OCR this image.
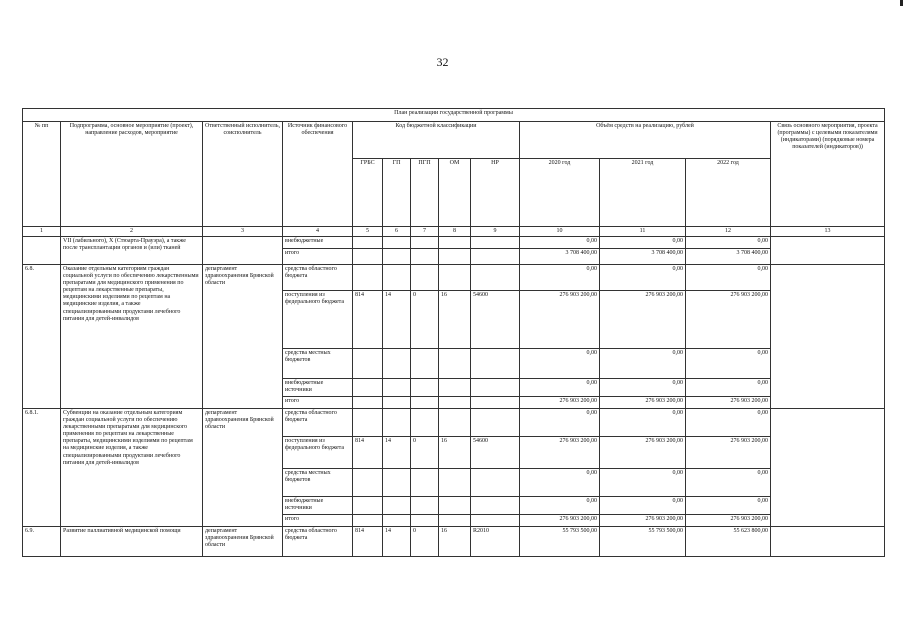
32
План реализации государственной программы												
№ пп	Подпрограмма, основное мероприятие (проект), направление расходов, мероприятие	Ответственный исполнитель, соисполнитель	Источник финансового обеспечения	Код бюджетной классификации					Объём средств на реализацию, рублей			Связь основного мероприятия, проекта (программы) с целевыми показателями (индикаторами) (порядковые номера показателей (индикаторов))
				ГРБС	ГП	ПГП	ОМ	НР	2020 год	2021 год	2022 год	
1	2	3	4	5	6	7	8	9	10	11	12	13
	VII (лабильного), X (Стюарта-Прауэра), а также после трансплантации органов и (или) тканей		внебюджетные						0,00	0,00	0,00	
			итого						3 708 400,00	3 708 400,00	3 708 400,00	
6.8.	Оказание отдельным категориям граждан социальной услуги по обеспечению лекарственными препаратами для медицинского применения по рецептам на лекарственные препараты, медицинскими изделиями по рецептам на медицинские изделия, а также специализированными продуктами лечебного питания для детей-инвалидов	департамент здравоохранения Брянской области	средства областного бюджета						0,00	0,00	0,00	
			поступления из федерального бюджета	814	14	0	16	54600	276 903 200,00	276 903 200,00	276 903 200,00	
			средства местных бюджетов						0,00	0,00	0,00	
			внебюджетные источники						0,00	0,00	0,00	
			итого						276 903 200,00	276 903 200,00	276 903 200,00	
6.8.1.	Субвенции на оказание отдельным категориям граждан социальной услуги по обеспечению лекарственными препаратами для медицинского применения по рецептам на лекарственные препараты, медицинскими изделиями по рецептам на медицинские изделия, а также специализированными продуктами лечебного питания для детей-инвалидов	департамент здравоохранения Брянской области	средства областного бюджета						0,00	0,00	0,00	
			поступления из федерального бюджета	814	14	0	16	54600	276 903 200,00	276 903 200,00	276 903 200,00	
			средства местных бюджетов						0,00	0,00	0,00	
			внебюджетные источники						0,00	0,00	0,00	
			итого						276 903 200,00	276 903 200,00	276 903 200,00	
6.9.	Развитие паллиативной медицинской помощи	департамент здравоохранения Брянской области	средства областного бюджета	814	14	0	16	R2010	55 793 500,00	55 793 500,00	55 623 800,00	
